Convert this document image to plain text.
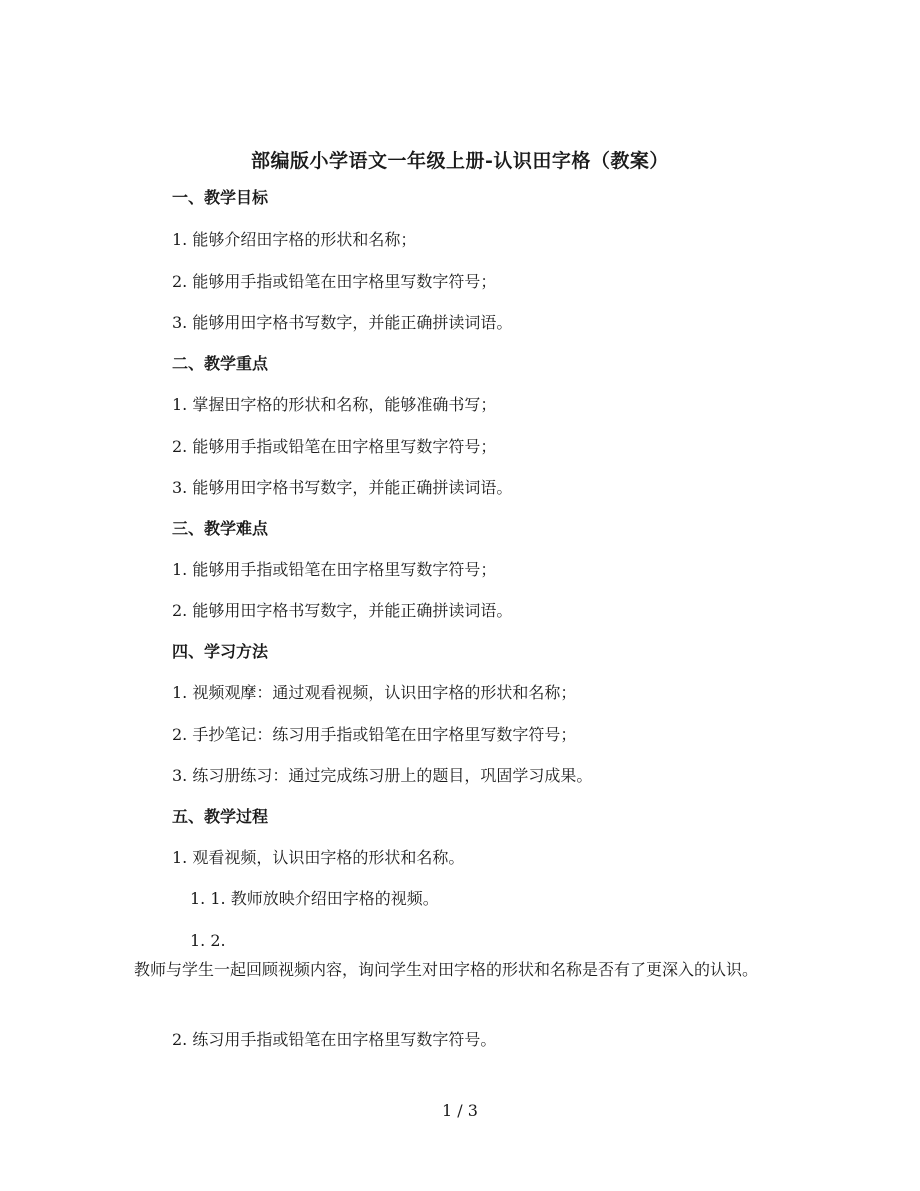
部编版小学语文一年级上册-认识田字格（教案）
一、教学目标
1. 能够介绍田字格的形状和名称；
2. 能够用手指或铅笔在田字格里写数字符号；
3. 能够用田字格书写数字，并能正确拼读词语。
二、教学重点
1. 掌握田字格的形状和名称，能够准确书写；
2. 能够用手指或铅笔在田字格里写数字符号；
3. 能够用田字格书写数字，并能正确拼读词语。
三、教学难点
1. 能够用手指或铅笔在田字格里写数字符号；
2. 能够用田字格书写数字，并能正确拼读词语。
四、学习方法
1. 视频观摩：通过观看视频，认识田字格的形状和名称；
2. 手抄笔记：练习用手指或铅笔在田字格里写数字符号；
3. 练习册练习：通过完成练习册上的题目，巩固学习成果。
五、教学过程
1. 观看视频，认识田字格的形状和名称。
1. 1. 教师放映介绍田字格的视频。
1. 2.
教师与学生一起回顾视频内容，询问学生对田字格的形状和名称是否有了更深入的认识。
2. 练习用手指或铅笔在田字格里写数字符号。
1 / 3
